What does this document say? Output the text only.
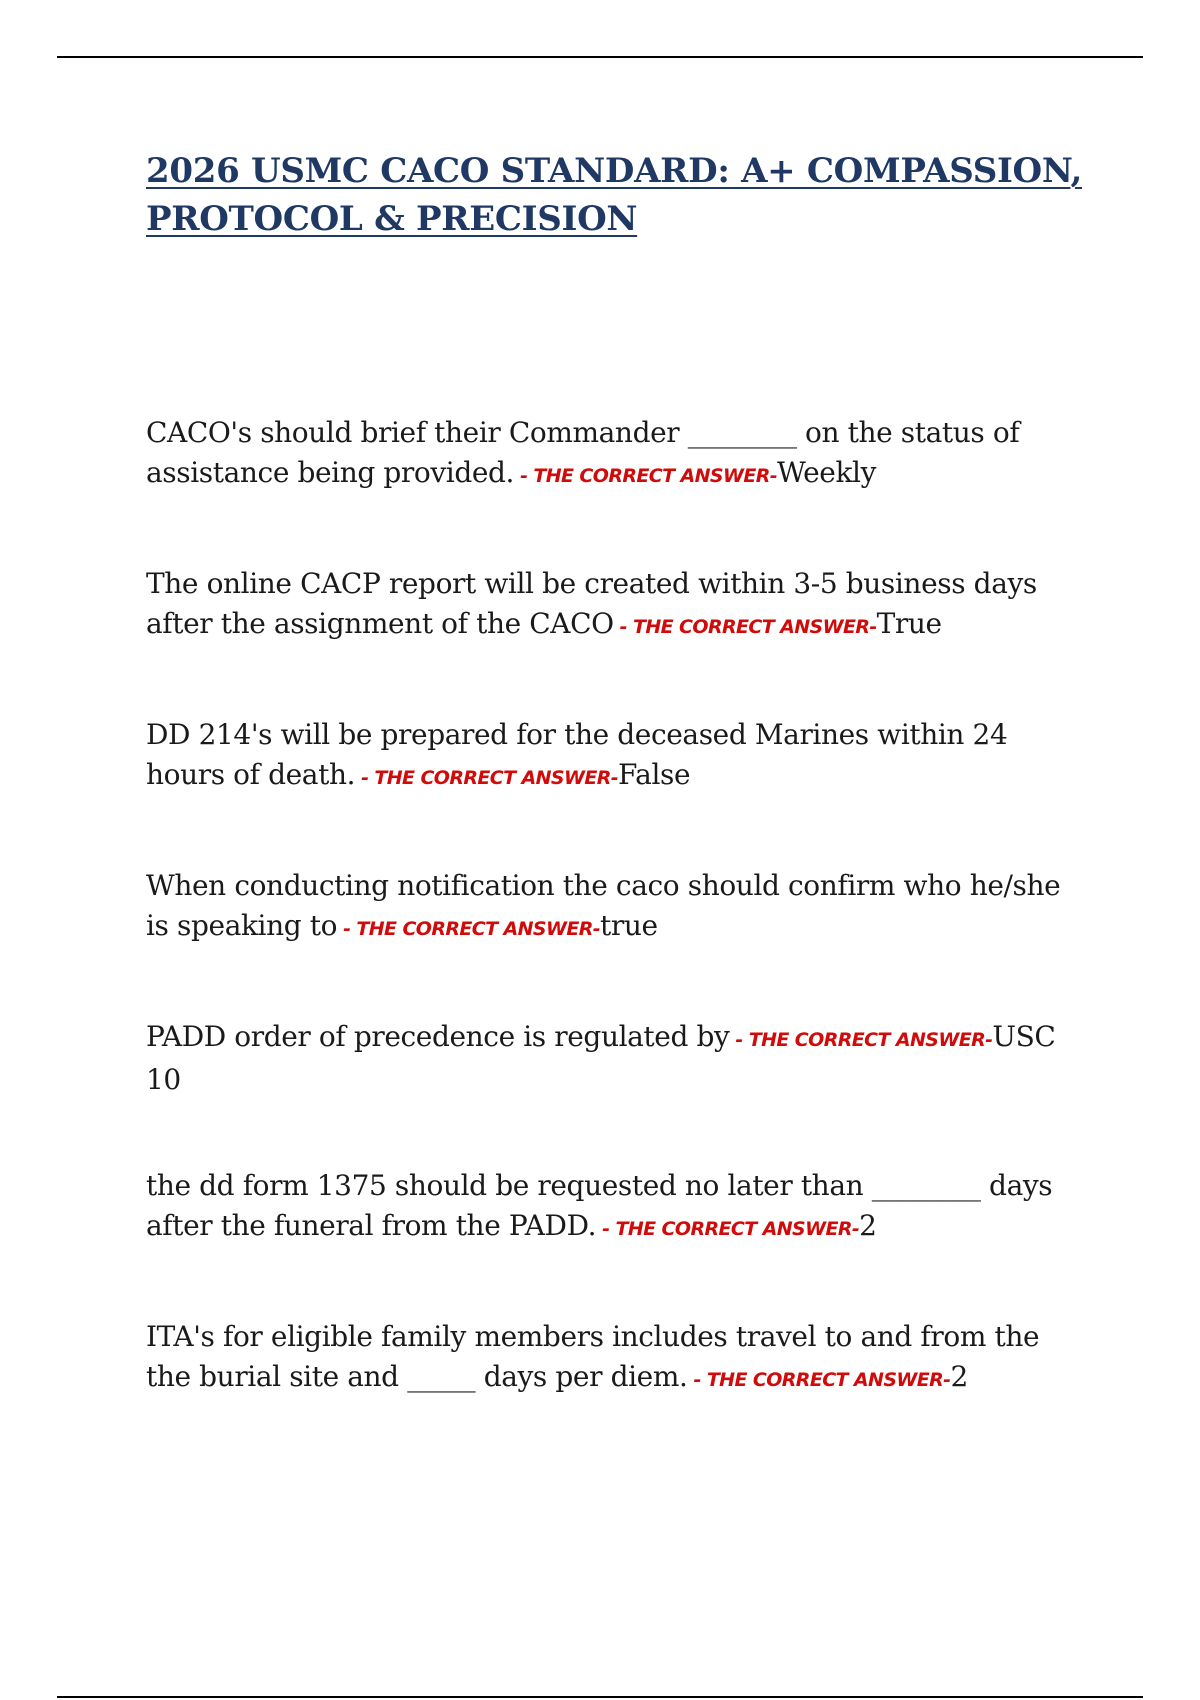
2026 USMC CACO STANDARD: A+ COMPASSION, PROTOCOL & PRECISION

CACO's should brief their Commander ________ on the status of assistance being provided. - THE CORRECT ANSWER-Weekly

The online CACP report will be created within 3-5 business days after the assignment of the CACO - THE CORRECT ANSWER-True

DD 214's will be prepared for the deceased Marines within 24 hours of death. - THE CORRECT ANSWER-False

When conducting notification the caco should confirm who he/she is speaking to - THE CORRECT ANSWER-true

PADD order of precedence is regulated by - THE CORRECT ANSWER-USC 10

the dd form 1375 should be requested no later than ________ days after the funeral from the PADD. - THE CORRECT ANSWER-2

ITA's for eligible family members includes travel to and from the the burial site and _____ days per diem. - THE CORRECT ANSWER-2
